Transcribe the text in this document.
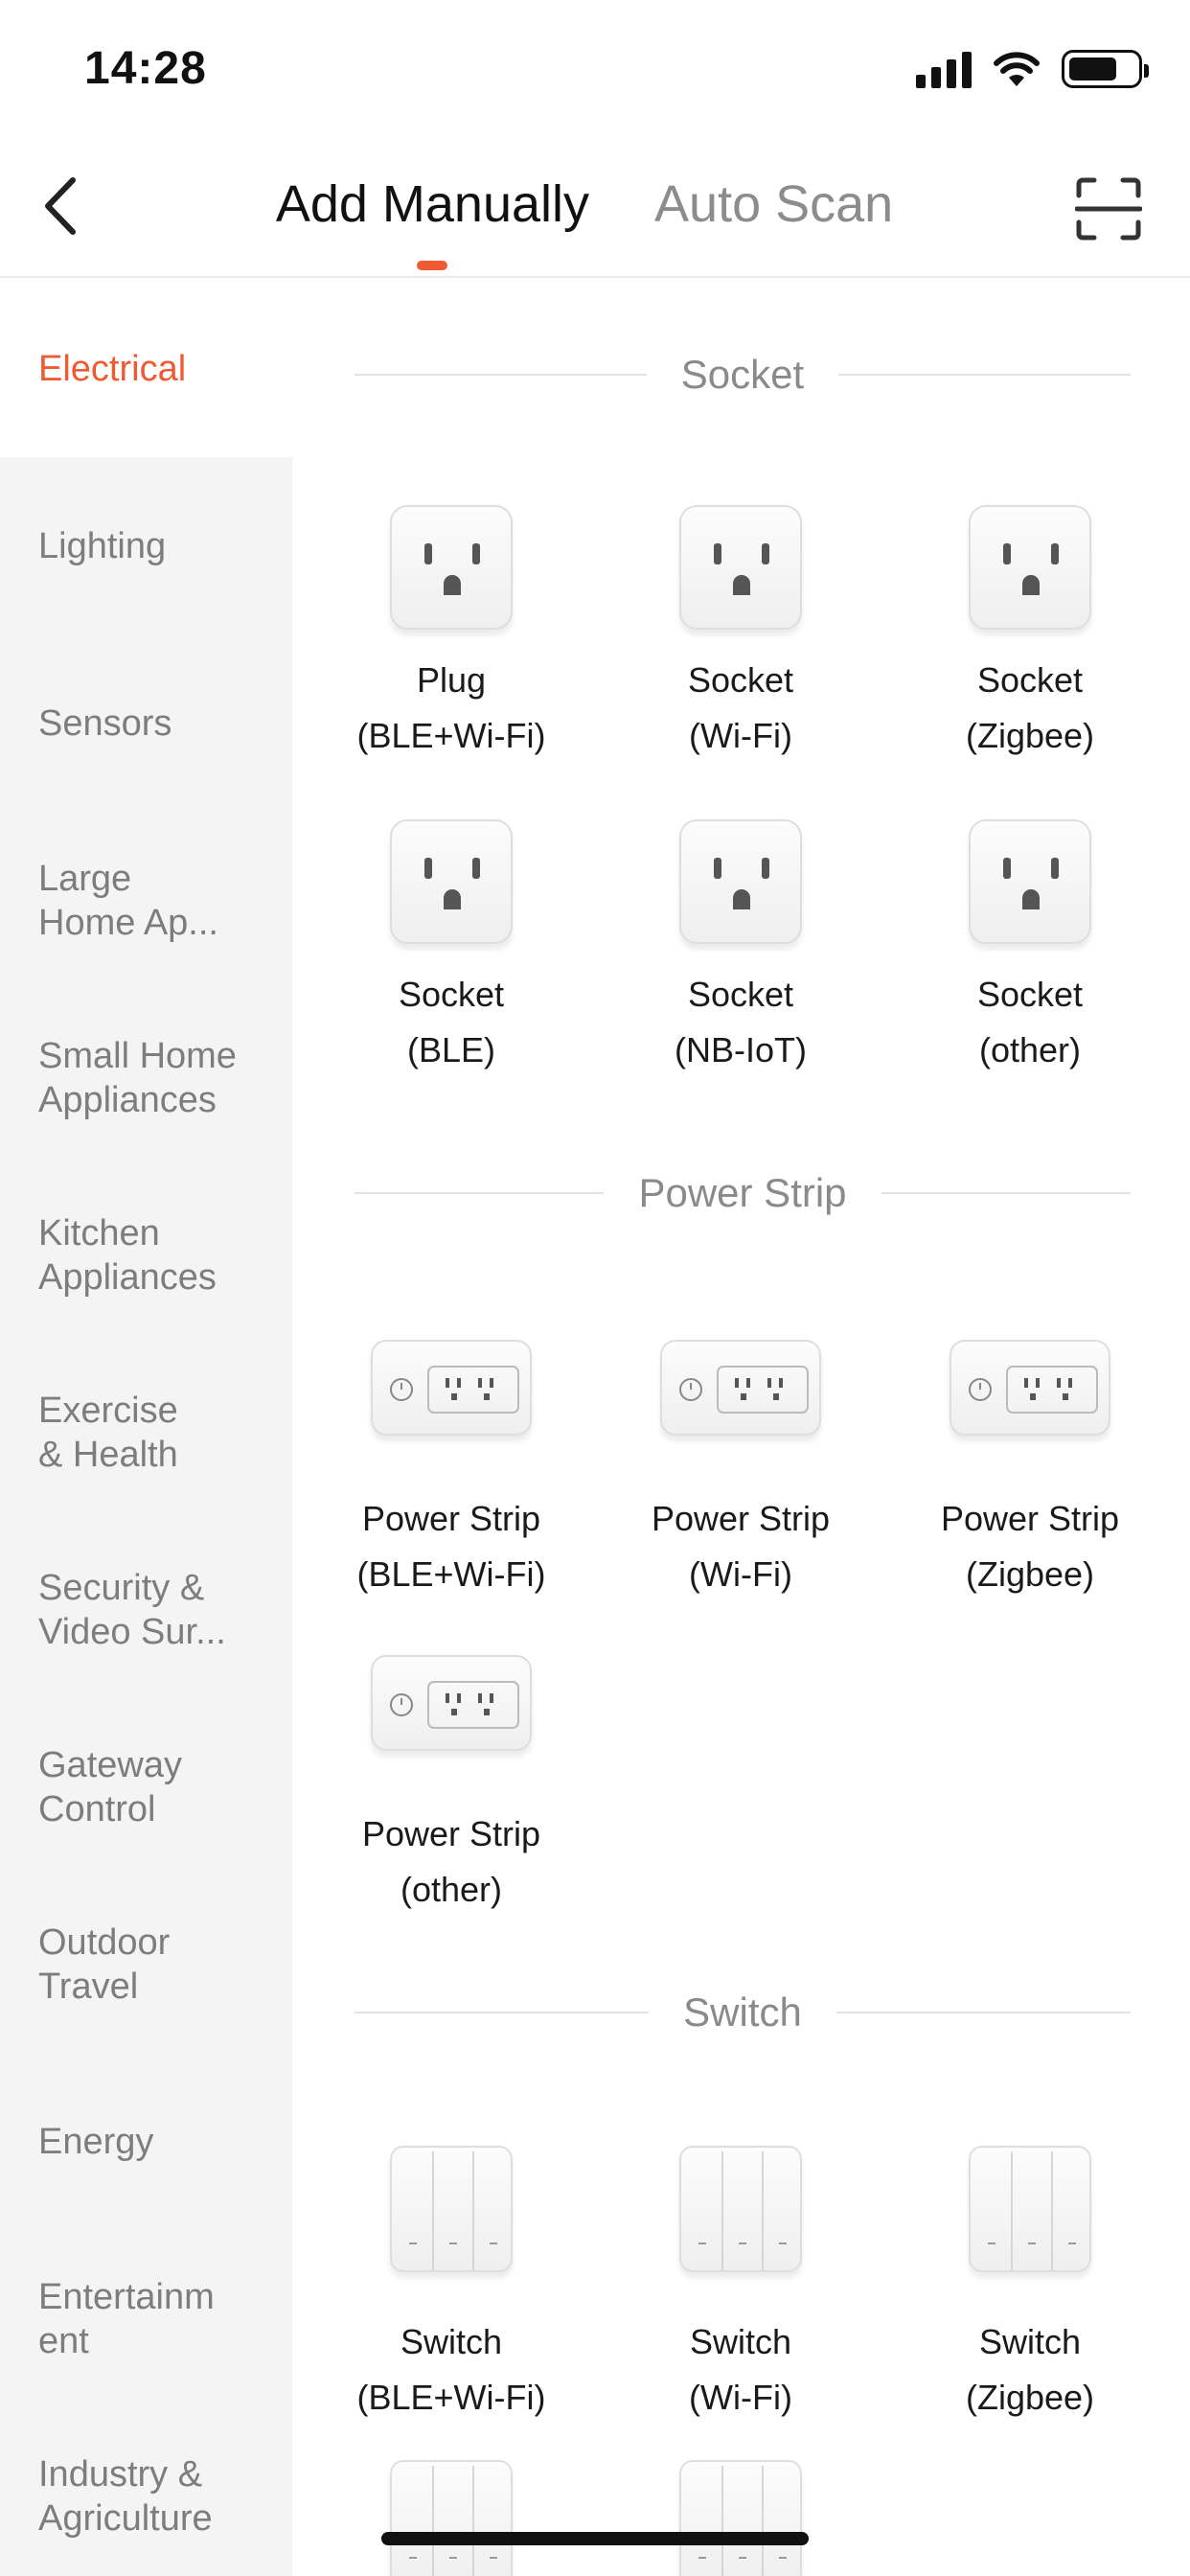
14:28
Add Manually Auto Scan
Electrical
Lighting
Sensors
Large
Home Ap...
Small Home
Appliances
Kitchen
Appliances
Exercise
& Health
Security &
Video Sur...
Gateway
Control
Outdoor
Travel
Energy
Entertainm
ent
Industry &
Agriculture
Socket
Plug
(BLE+Wi-Fi)
Socket
(Wi-Fi)
Socket
(Zigbee)
Socket
(BLE)
Socket
(NB-IoT)
Socket
(other)
Power Strip
Power Strip
(BLE+Wi-Fi)
Power Strip
(Wi-Fi)
Power Strip
(Zigbee)
Power Strip
(other)
Switch
Switch
(BLE+Wi-Fi)
Switch
(Wi-Fi)
Switch
(Zigbee)
